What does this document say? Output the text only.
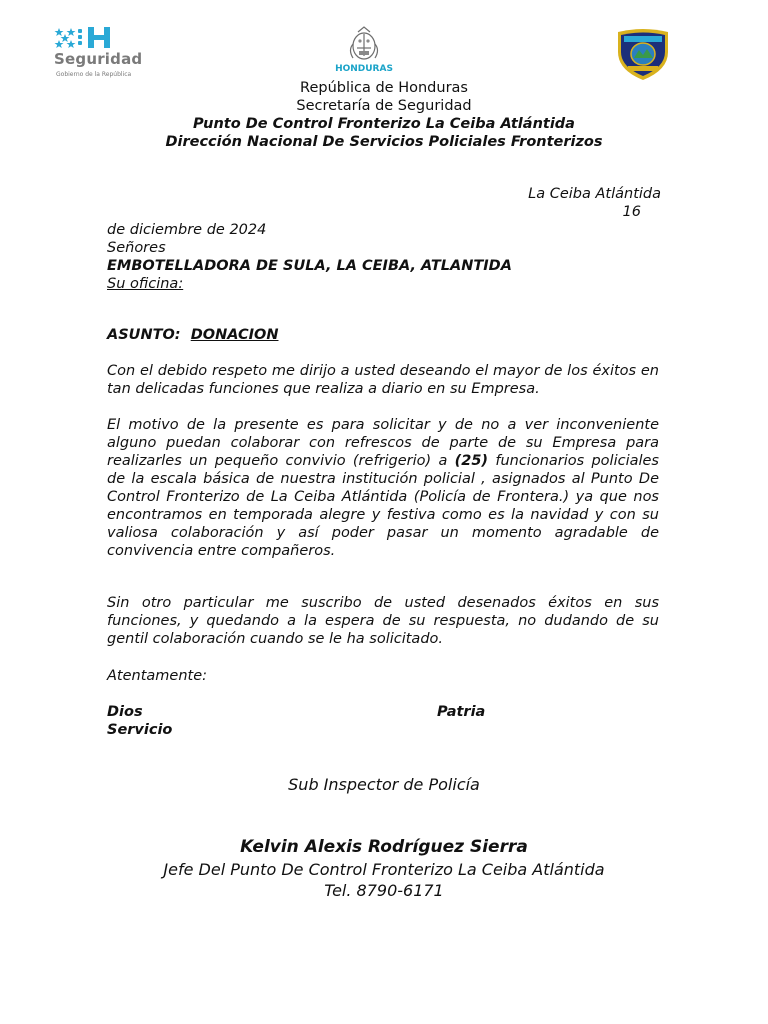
Seguridad
Gobierno de la República
HONDURAS
República de Honduras
Secretaría de Seguridad
Punto De Control Fronterizo La Ceiba Atlántida
Dirección Nacional De Servicios Policiales Fronterizos
La Ceiba Atlántida
16
de diciembre de 2024
Señores
EMBOTELLADORA DE SULA, LA CEIBA, ATLANTIDA
Su oficina:
ASUNTO: DONACION
Con el debido respeto me dirijo a usted deseando el mayor de los éxitos en tan delicadas funciones que realiza a diario en su Empresa.
El motivo de la presente es para solicitar y de no a ver inconveniente alguno puedan colaborar con refrescos de parte de su Empresa para realizarles un pequeño convivio (refrigerio) a (25) funcionarios policiales de la escala básica de nuestra institución policial , asignados al Punto De Control Fronterizo de La Ceiba Atlántida (Policía de Frontera.) ya que nos encontramos en temporada alegre y festiva como es la navidad y con su valiosa colaboración y así poder pasar un momento agradable de convivencia entre compañeros.
Sin otro particular me suscribo de usted desenados éxitos en sus funciones, y quedando a la espera de su respuesta, no dudando de su gentil colaboración cuando se le ha solicitado.
Atentamente:
Dios	Patria
Servicio
Sub Inspector de Policía
Kelvin Alexis Rodríguez Sierra
Jefe Del Punto De Control Fronterizo La Ceiba Atlántida
Tel. 8790-6171
